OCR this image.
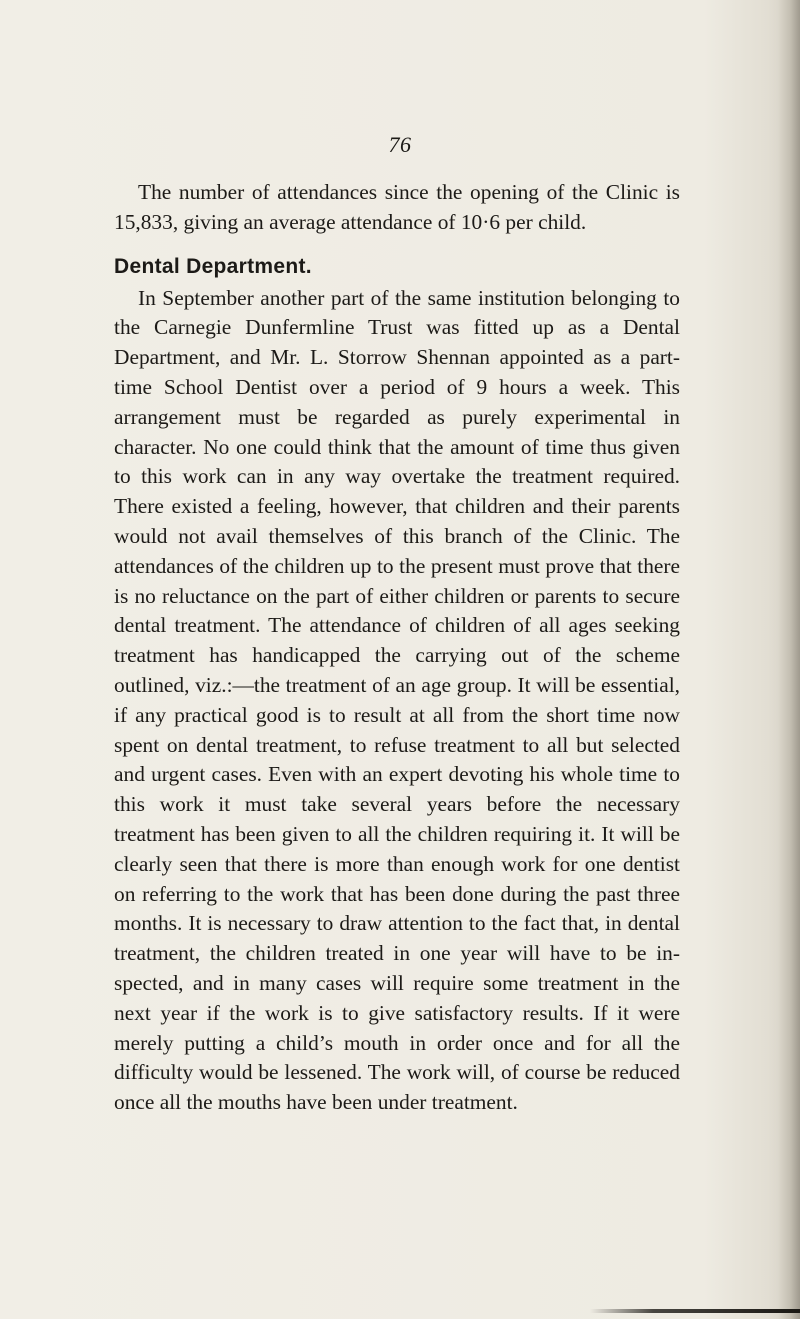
76

The number of attendances since the opening of the Clinic is 15,833, giving an average attendance of 10·6 per child.

Dental Department.

In September another part of the same institution belonging to the Carnegie Dunfermline Trust was fitted up as a Dental Department, and Mr. L. Storrow Shennan appointed as a part-time School Dentist over a period of 9 hours a week. This arrangement must be regarded as purely experimental in character. No one could think that the amount of time thus given to this work can in any way overtake the treatment required. There existed a feeling, however, that children and their parents would not avail themselves of this branch of the Clinic. The attendances of the children up to the present must prove that there is no reluctance on the part of either children or parents to secure dental treatment. The attendance of children of all ages seeking treatment has handicapped the carrying out of the scheme outlined, viz.:—the treatment of an age group. It will be essential, if any practical good is to result at all from the short time now spent on dental treatment, to refuse treatment to all but selected and urgent cases. Even with an expert devoting his whole time to this work it must take several years before the necessary treatment has been given to all the children requiring it. It will be clearly seen that there is more than enough work for one dentist on referring to the work that has been done during the past three months. It is necessary to draw attention to the fact that, in dental treatment, the children treated in one year will have to be inspected, and in many cases will require some treatment in the next year if the work is to give satisfactory results. If it were merely putting a child’s mouth in order once and for all the difficulty would be lessened. The work will, of course be reduced once all the mouths have been under treatment.
